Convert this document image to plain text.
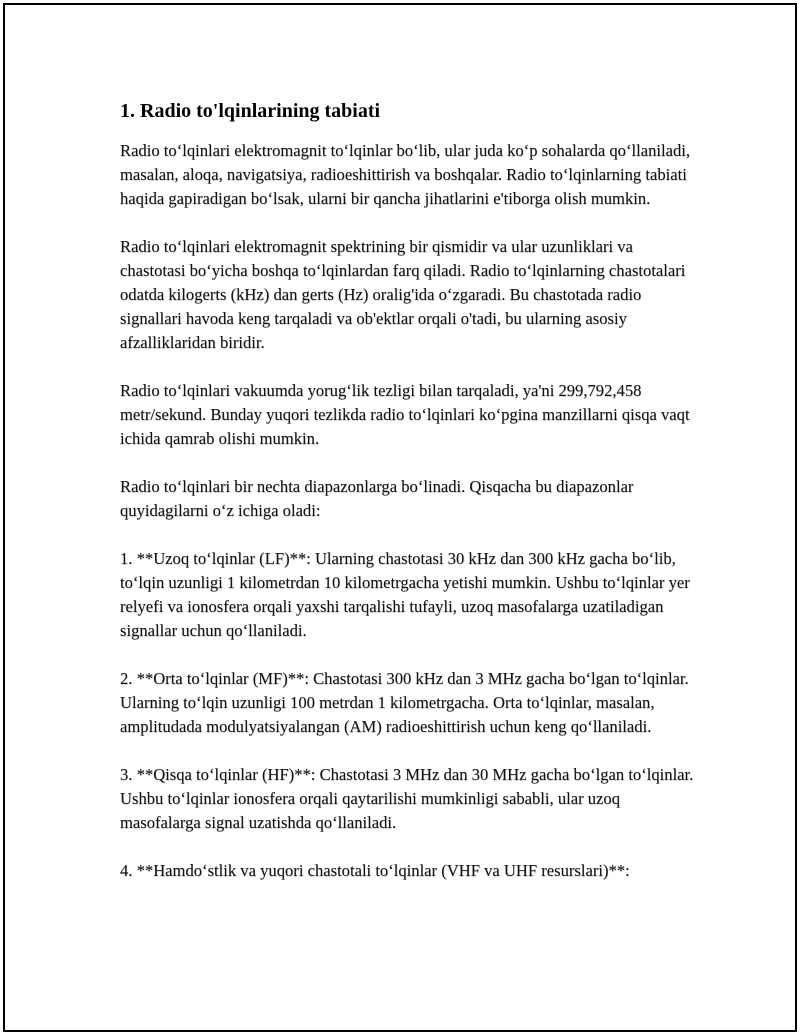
1. Radio to'lqinlarining tabiati

Radio to‘lqinlari elektromagnit to‘lqinlar bo‘lib, ular juda ko‘p sohalarda qo‘llaniladi, masalan, aloqa, navigatsiya, radioeshittirish va boshqalar. Radio to‘lqinlarning tabiati haqida gapiradigan bo‘lsak, ularni bir qancha jihatlarini e'tiborga olish mumkin.

Radio to‘lqinlari elektromagnit spektrining bir qismidir va ular uzunliklari va chastotasi bo‘yicha boshqa to‘lqinlardan farq qiladi. Radio to‘lqinlarning chastotalari odatda kilogerts (kHz) dan gerts (Hz) oralig'ida o‘zgaradi. Bu chastotada radio signallari havoda keng tarqaladi va ob'ektlar orqali o'tadi, bu ularning asosiy afzalliklaridan biridir.

Radio to‘lqinlari vakuumda yorug‘lik tezligi bilan tarqaladi, ya'ni 299,792,458 metr/sekund. Bunday yuqori tezlikda radio to‘lqinlari ko‘pgina manzillarni qisqa vaqt ichida qamrab olishi mumkin.

Radio to‘lqinlari bir nechta diapazonlarga bo‘linadi. Qisqacha bu diapazonlar quyidagilarni o‘z ichiga oladi:

1. **Uzoq to‘lqinlar (LF)**: Ularning chastotasi 30 kHz dan 300 kHz gacha bo‘lib, to‘lqin uzunligi 1 kilometrdan 10 kilometrgacha yetishi mumkin. Ushbu to‘lqinlar yer relyefi va ionosfera orqali yaxshi tarqalishi tufayli, uzoq masofalarga uzatiladigan signallar uchun qo‘llaniladi.

2. **Orta to‘lqinlar (MF)**: Chastotasi 300 kHz dan 3 MHz gacha bo‘lgan to‘lqinlar. Ularning to‘lqin uzunligi 100 metrdan 1 kilometrgacha. Orta to‘lqinlar, masalan, amplitudada modulyatsiyalangan (AM) radioeshittirish uchun keng qo‘llaniladi.

3. **Qisqa to‘lqinlar (HF)**: Chastotasi 3 MHz dan 30 MHz gacha bo‘lgan to‘lqinlar. Ushbu to‘lqinlar ionosfera orqali qaytarilishi mumkinligi sababli, ular uzoq masofalarga signal uzatishda qo‘llaniladi.

4. **Hamdo‘stlik va yuqori chastotali to‘lqinlar (VHF va UHF resurslari)**:
